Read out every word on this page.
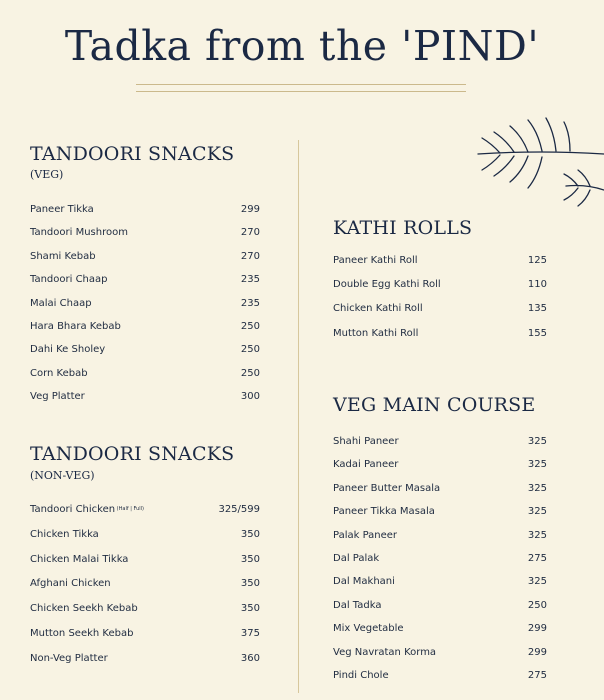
Tadka from the 'PIND'
TANDOORI SNACKS
(VEG)
Paneer Tikka	299
Tandoori Mushroom	270
Shami Kebab	270
Tandoori Chaap	235
Malai Chaap	235
Hara Bhara Kebab	250
Dahi Ke Sholey	250
Corn Kebab	250
Veg Platter	300
TANDOORI SNACKS
(NON-VEG)
Tandoori Chicken (Half | Full)	325/599
Chicken Tikka	350
Chicken Malai Tikka	350
Afghani Chicken	350
Chicken Seekh Kebab	350
Mutton Seekh Kebab	375
Non-Veg Platter	360
KATHI ROLLS
Paneer Kathi Roll	125
Double Egg Kathi Roll	110
Chicken Kathi Roll	135
Mutton Kathi Roll	155
VEG MAIN COURSE
Shahi Paneer	325
Kadai Paneer	325
Paneer Butter Masala	325
Paneer Tikka Masala	325
Palak Paneer	325
Dal Palak	275
Dal Makhani	325
Dal Tadka	250
Mix Vegetable	299
Veg Navratan Korma	299
Pindi Chole	275
